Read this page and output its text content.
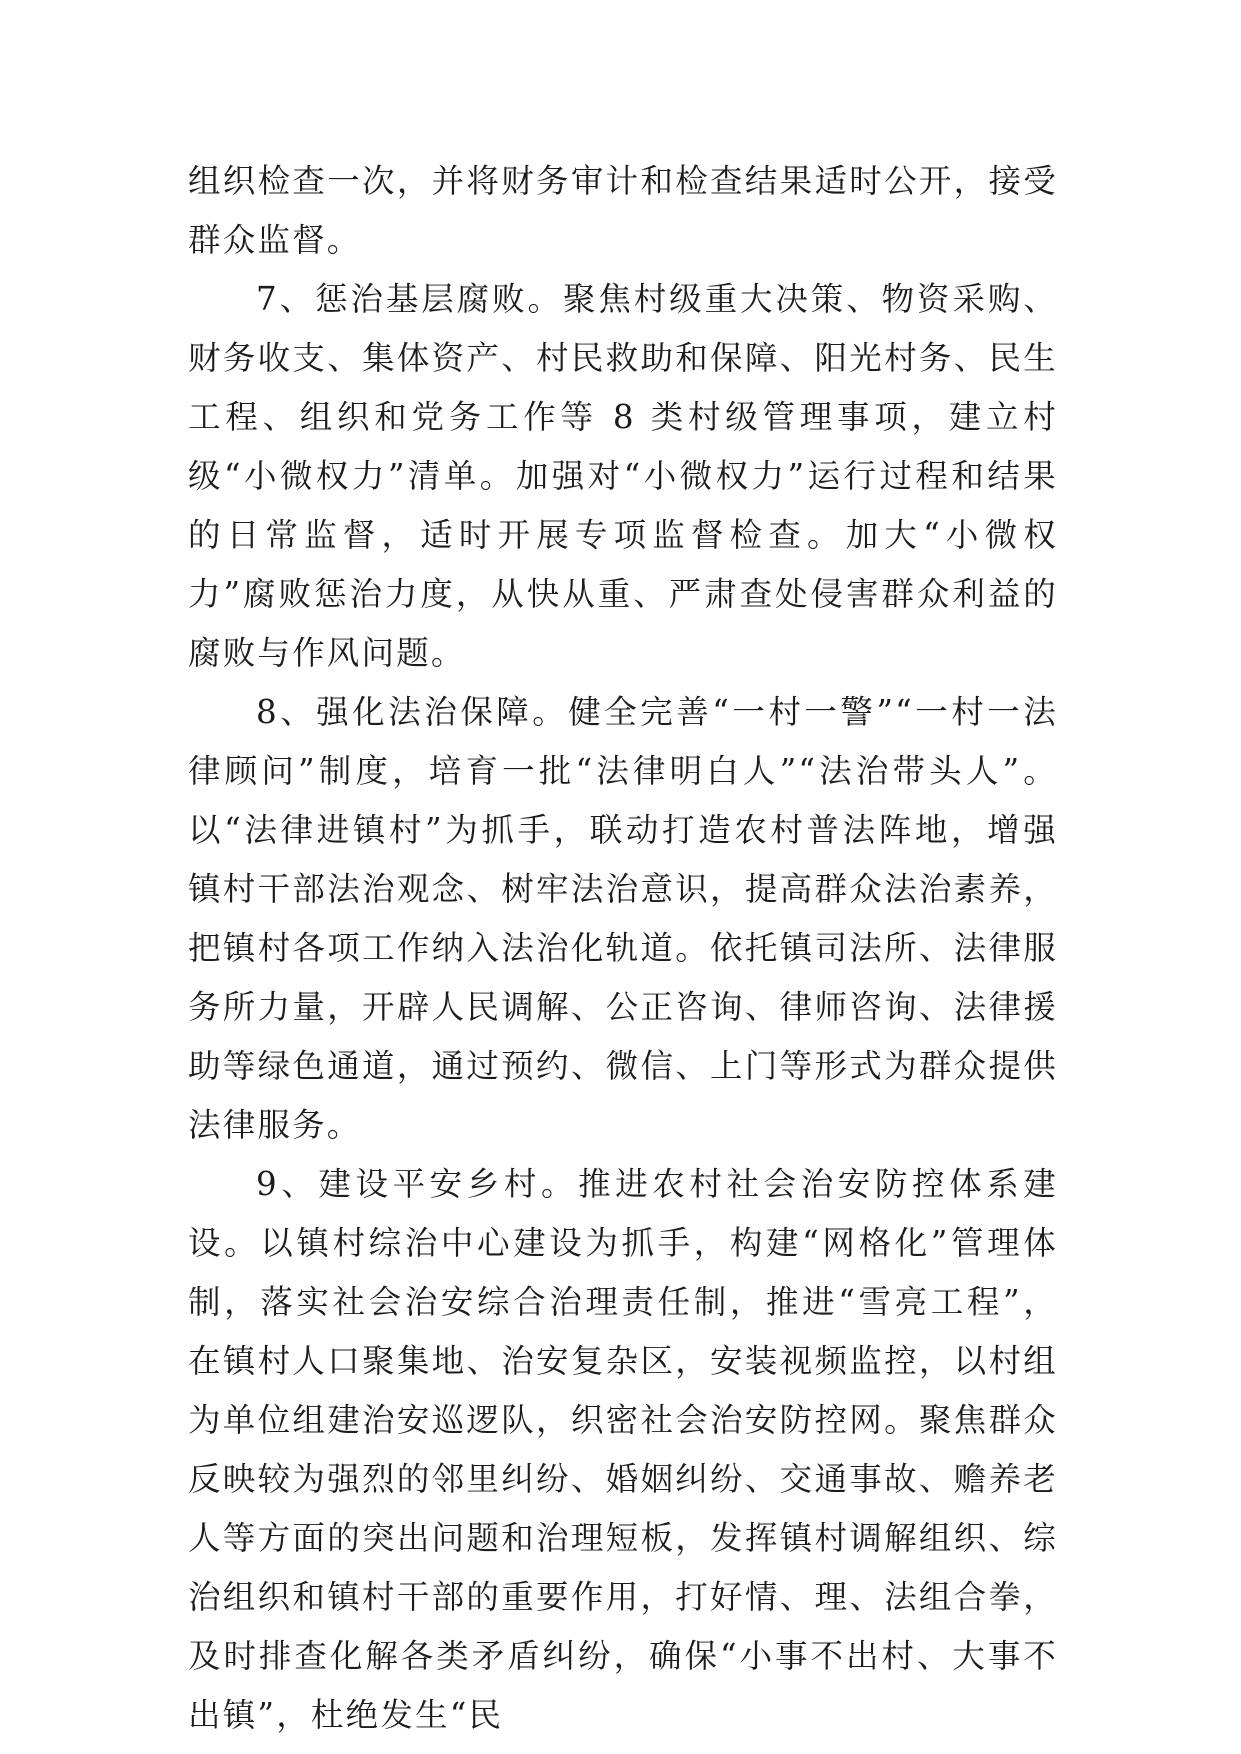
组织检查一次，并将财务审计和检查结果适时公开，接受群众监督。

7、惩治基层腐败。聚焦村级重大决策、物资采购、财务收支、集体资产、村民救助和保障、阳光村务、民生工程、组织和党务工作等 8 类村级管理事项，建立村级“小微权力”清单。加强对“小微权力”运行过程和结果的日常监督，适时开展专项监督检查。加大“小微权力”腐败惩治力度，从快从重、严肃查处侵害群众利益的腐败与作风问题。

8、强化法治保障。健全完善“一村一警”“一村一法律顾问”制度，培育一批“法律明白人”“法治带头人”。以“法律进镇村”为抓手，联动打造农村普法阵地，增强镇村干部法治观念、树牢法治意识，提高群众法治素养，把镇村各项工作纳入法治化轨道。依托镇司法所、法律服务所力量，开辟人民调解、公正咨询、律师咨询、法律援助等绿色通道，通过预约、微信、上门等形式为群众提供法律服务。

9、建设平安乡村。推进农村社会治安防控体系建设。以镇村综治中心建设为抓手，构建“网格化”管理体制，落实社会治安综合治理责任制，推进“雪亮工程”，在镇村人口聚集地、治安复杂区，安装视频监控，以村组为单位组建治安巡逻队，织密社会治安防控网。聚焦群众反映较为强烈的邻里纠纷、婚姻纠纷、交通事故、赡养老人等方面的突出问题和治理短板，发挥镇村调解组织、综治组织和镇村干部的重要作用，打好情、理、法组合拳，及时排查化解各类矛盾纠纷，确保“小事不出村、大事不出镇”，杜绝发生“民
